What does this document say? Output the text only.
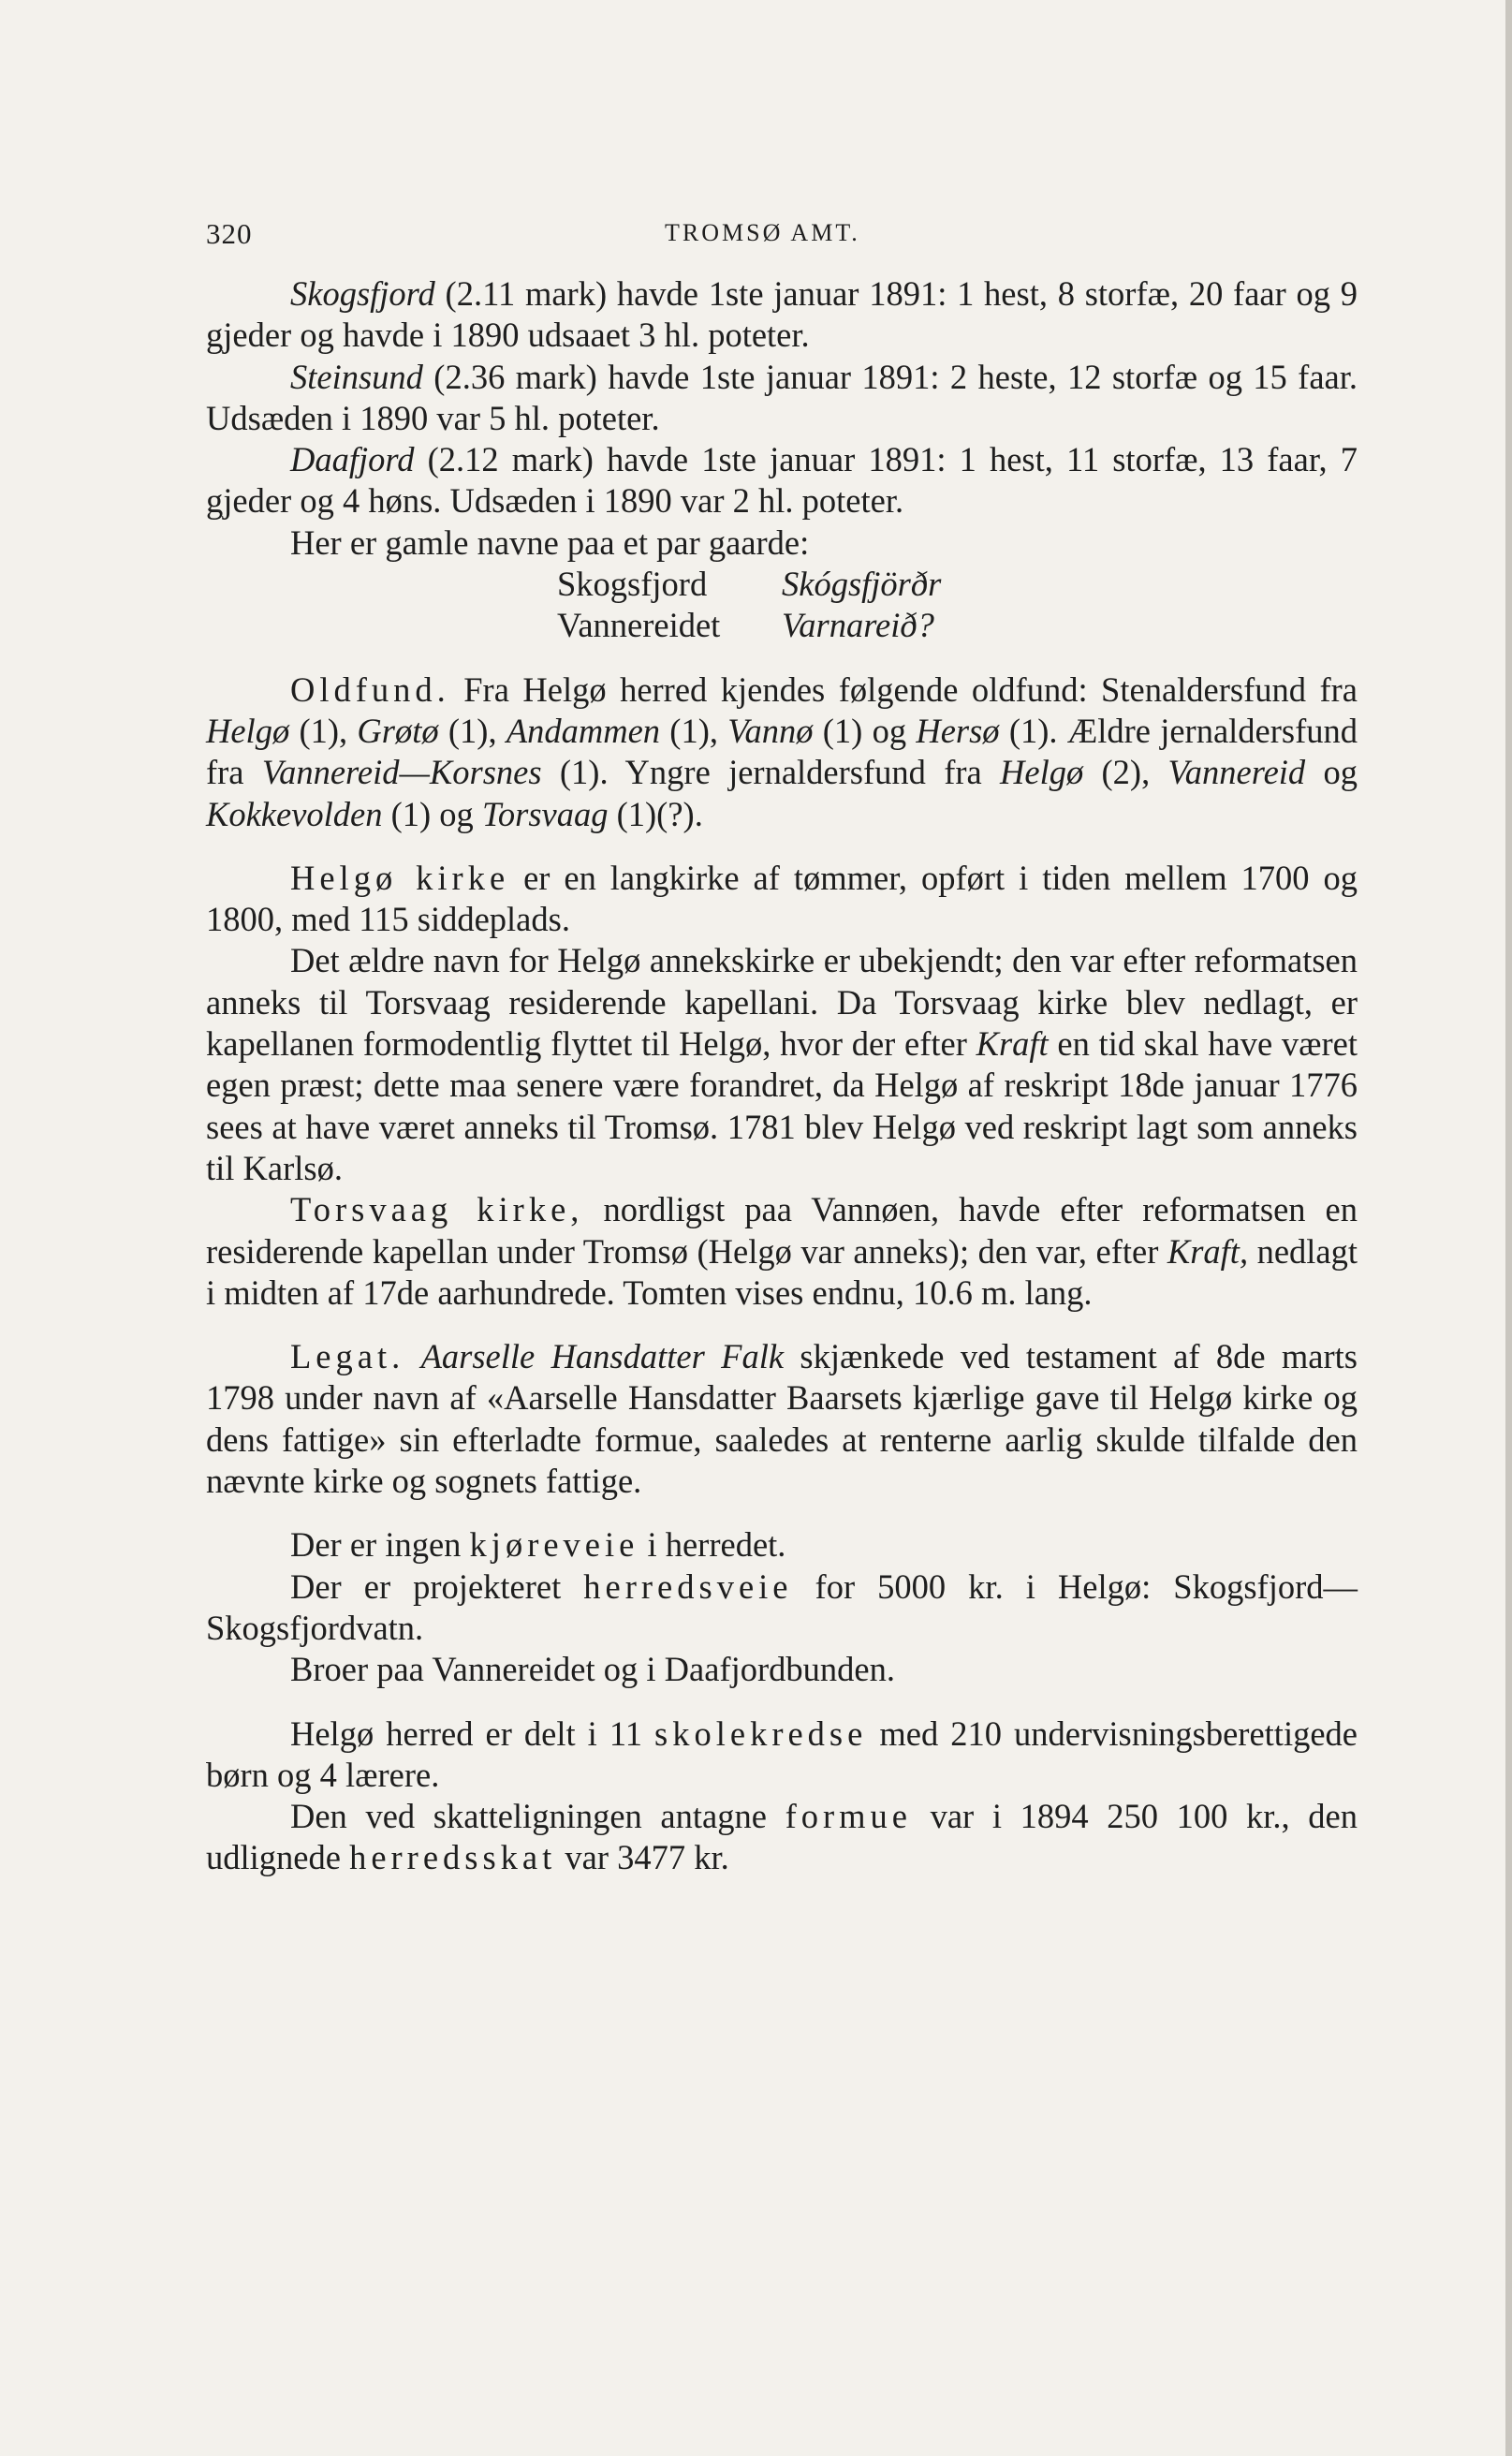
320	TROMSØ AMT.

Skogsfjord (2.11 mark) havde 1ste januar 1891: 1 hest, 8 storfæ, 20 faar og 9 gjeder og havde i 1890 udsaaet 3 hl. poteter.

Steinsund (2.36 mark) havde 1ste januar 1891: 2 heste, 12 storfæ og 15 faar. Udsæden i 1890 var 5 hl. poteter.

Daafjord (2.12 mark) havde 1ste januar 1891: 1 hest, 11 storfæ, 13 faar, 7 gjeder og 4 høns. Udsæden i 1890 var 2 hl. poteter.

Her er gamle navne paa et par gaarde:

Skogsfjord	Skógsfjörðr
Vannereidet	Varnareið?

Oldfund. Fra Helgø herred kjendes følgende oldfund: Stenaldersfund fra Helgø (1), Grøtø (1), Andammen (1), Vannø (1) og Hersø (1). Ældre jernaldersfund fra Vannereid—Korsnes (1). Yngre jernaldersfund fra Helgø (2), Vannereid og Kokkevolden (1) og Torsvaag (1)(?).

Helgø kirke er en langkirke af tømmer, opført i tiden mellem 1700 og 1800, med 115 siddeplads.

Det ældre navn for Helgø annekskirke er ubekjendt; den var efter reformatsen anneks til Torsvaag residerende kapellani. Da Torsvaag kirke blev nedlagt, er kapellanen formodentlig flyttet til Helgø, hvor der efter Kraft en tid skal have været egen præst; dette maa senere være forandret, da Helgø af reskript 18de januar 1776 sees at have været anneks til Tromsø. 1781 blev Helgø ved reskript lagt som anneks til Karlsø.

Torsvaag kirke, nordligst paa Vannøen, havde efter reformatsen en residerende kapellan under Tromsø (Helgø var anneks); den var, efter Kraft, nedlagt i midten af 17de aarhundrede. Tomten vises endnu, 10.6 m. lang.

Legat. Aarselle Hansdatter Falk skjænkede ved testament af 8de marts 1798 under navn af «Aarselle Hansdatter Baarsets kjærlige gave til Helgø kirke og dens fattige» sin efterladte formue, saaledes at renterne aarlig skulde tilfalde den nævnte kirke og sognets fattige.

Der er ingen kjøreveie i herredet.

Der er projekteret herredsveie for 5000 kr. i Helgø: Skogsfjord—Skogsfjordvatn.

Broer paa Vannereidet og i Daafjordbunden.

Helgø herred er delt i 11 skolekredse med 210 undervisningsberettigede børn og 4 lærere.

Den ved skatteligningen antagne formue var i 1894 250 100 kr., den udlignede herredsskat var 3477 kr.
